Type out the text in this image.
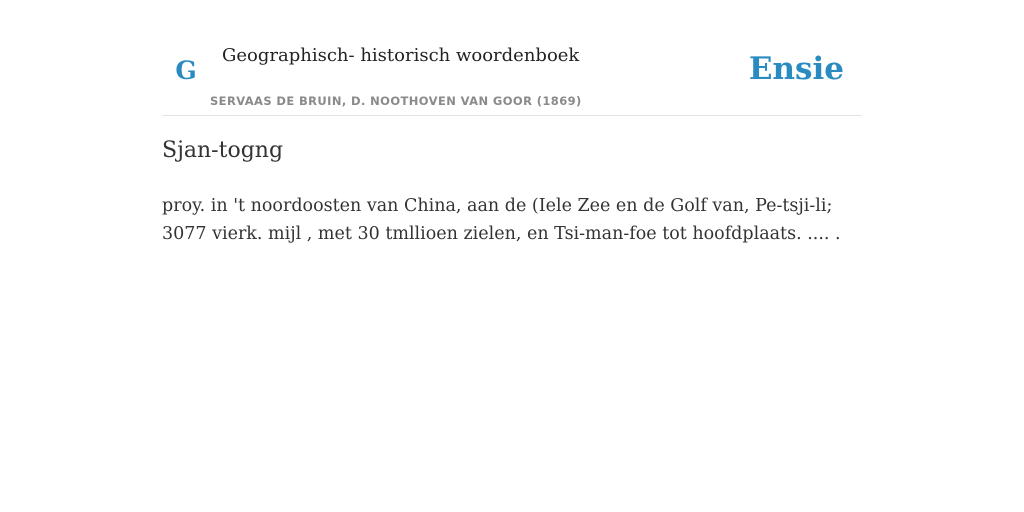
G
Geographisch- historisch woordenboek
SERVAAS DE BRUIN, D. NOOTHOVEN VAN GOOR (1869)
Ensie
Sjan-togng

proy. in 't noordoosten van China, aan de (Iele Zee en de Golf van, Pe-tsji-li; 3077 vierk. mijl , met 30 tmllioen zielen, en Tsi-man-foe tot hoofdplaats. .... .
